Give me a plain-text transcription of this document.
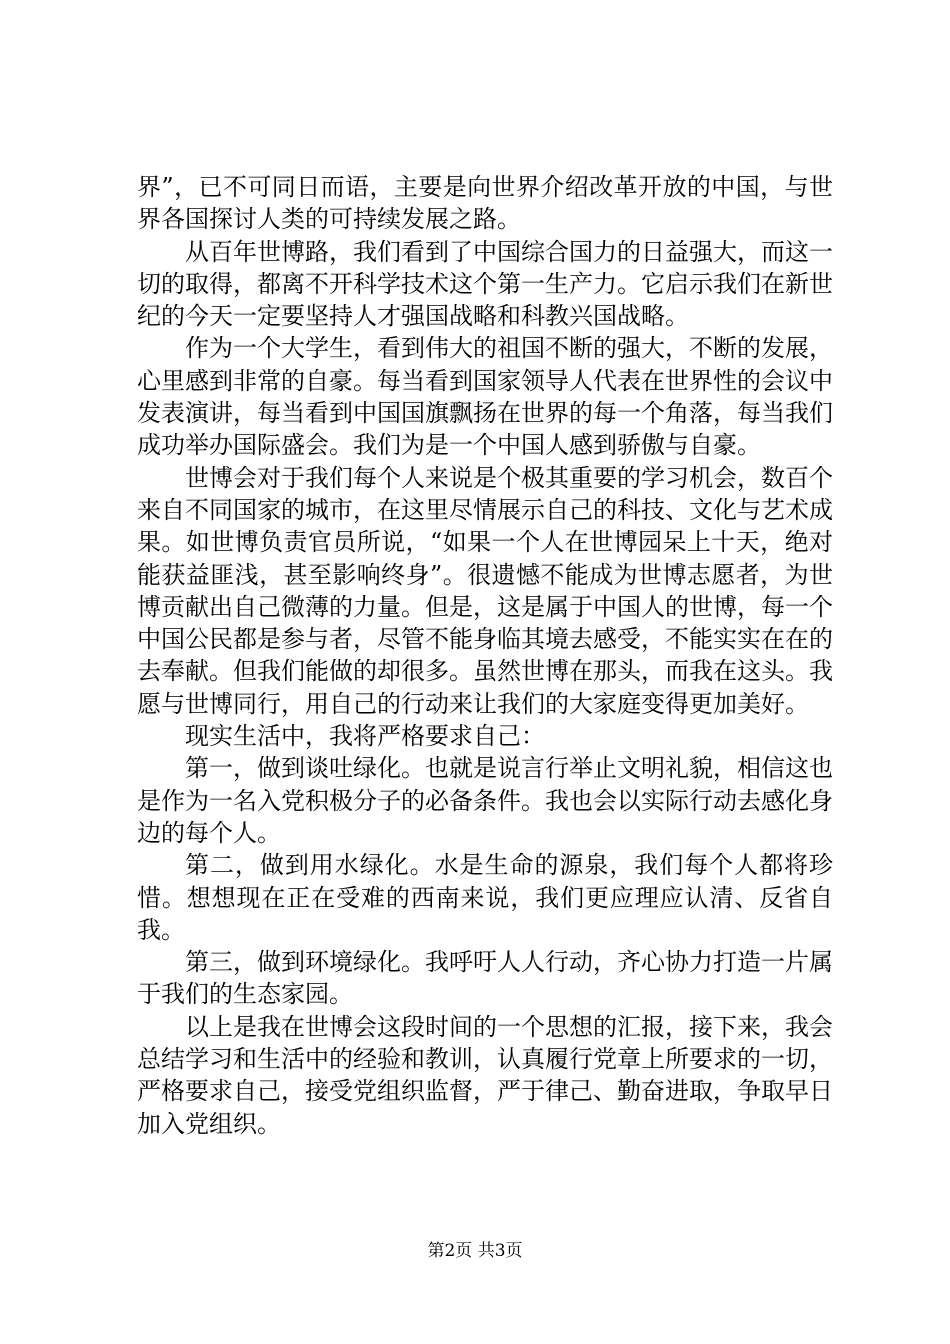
界”，已不可同日而语，主要是向世界介绍改革开放的中国，与世界各国探讨人类的可持续发展之路。

从百年世博路，我们看到了中国综合国力的日益强大，而这一切的取得，都离不开科学技术这个第一生产力。它启示我们在新世纪的今天一定要坚持人才强国战略和科教兴国战略。

作为一个大学生，看到伟大的祖国不断的强大，不断的发展，心里感到非常的自豪。每当看到国家领导人代表在世界性的会议中发表演讲，每当看到中国国旗飘扬在世界的每一个角落，每当我们成功举办国际盛会。我们为是一个中国人感到骄傲与自豪。

世博会对于我们每个人来说是个极其重要的学习机会，数百个来自不同国家的城市，在这里尽情展示自己的科技、文化与艺术成果。如世博负责官员所说，“如果一个人在世博园呆上十天，绝对能获益匪浅，甚至影响终身”。很遗憾不能成为世博志愿者，为世博贡献出自己微薄的力量。但是，这是属于中国人的世博，每一个中国公民都是参与者，尽管不能身临其境去感受，不能实实在在的去奉献。但我们能做的却很多。虽然世博在那头，而我在这头。我愿与世博同行，用自己的行动来让我们的大家庭变得更加美好。

现实生活中，我将严格要求自己：

第一，做到谈吐绿化。也就是说言行举止文明礼貌，相信这也是作为一名入党积极分子的必备条件。我也会以实际行动去感化身边的每个人。

第二，做到用水绿化。水是生命的源泉，我们每个人都将珍惜。想想现在正在受难的西南来说，我们更应理应认清、反省自我。

第三，做到环境绿化。我呼吁人人行动，齐心协力打造一片属于我们的生态家园。

以上是我在世博会这段时间的一个思想的汇报，接下来，我会总结学习和生活中的经验和教训，认真履行党章上所要求的一切，严格要求自己，接受党组织监督，严于律己、勤奋进取，争取早日加入党组织。

第2页 共3页
